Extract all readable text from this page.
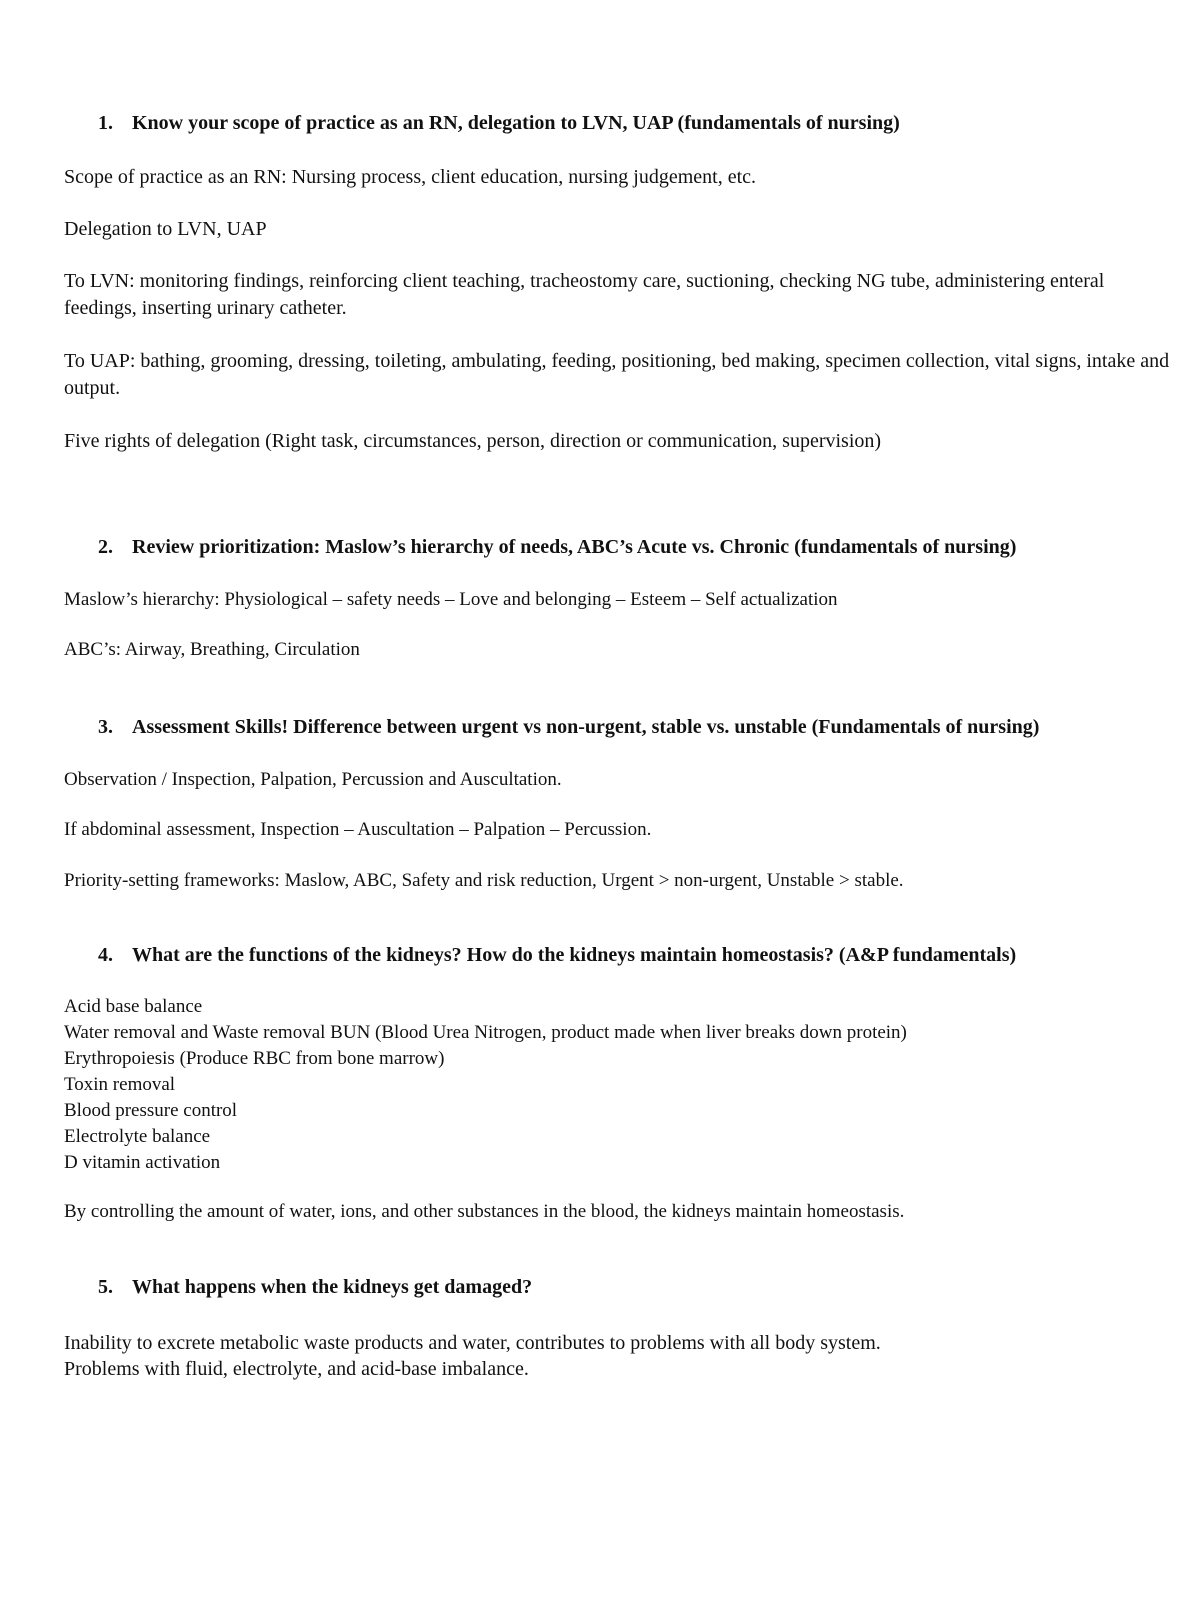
1. Know your scope of practice as an RN, delegation to LVN, UAP (fundamentals of nursing)
Scope of practice as an RN: Nursing process, client education, nursing judgement, etc.
Delegation to LVN, UAP
To LVN: monitoring findings, reinforcing client teaching, tracheostomy care, suctioning, checking NG tube, administering enteral feedings, inserting urinary catheter.
To UAP: bathing, grooming, dressing, toileting, ambulating, feeding, positioning, bed making, specimen collection, vital signs, intake and output.
Five rights of delegation (Right task, circumstances, person, direction or communication, supervision)
2. Review prioritization: Maslow’s hierarchy of needs, ABC’s Acute vs. Chronic (fundamentals of nursing)
Maslow’s hierarchy: Physiological – safety needs – Love and belonging – Esteem – Self actualization
ABC’s: Airway, Breathing, Circulation
3. Assessment Skills! Difference between urgent vs non-urgent, stable vs. unstable (Fundamentals of nursing)
Observation / Inspection, Palpation, Percussion and Auscultation.
If abdominal assessment, Inspection – Auscultation – Palpation – Percussion.
Priority-setting frameworks: Maslow, ABC, Safety and risk reduction, Urgent > non-urgent, Unstable > stable.
4. What are the functions of the kidneys? How do the kidneys maintain homeostasis? (A&P fundamentals)
Acid base balance
Water removal and Waste removal BUN (Blood Urea Nitrogen, product made when liver breaks down protein)
Erythropoiesis (Produce RBC from bone marrow)
Toxin removal
Blood pressure control
Electrolyte balance
D vitamin activation
By controlling the amount of water, ions, and other substances in the blood, the kidneys maintain homeostasis.
5. What happens when the kidneys get damaged?
Inability to excrete metabolic waste products and water, contributes to problems with all body system.
Problems with fluid, electrolyte, and acid-base imbalance.
